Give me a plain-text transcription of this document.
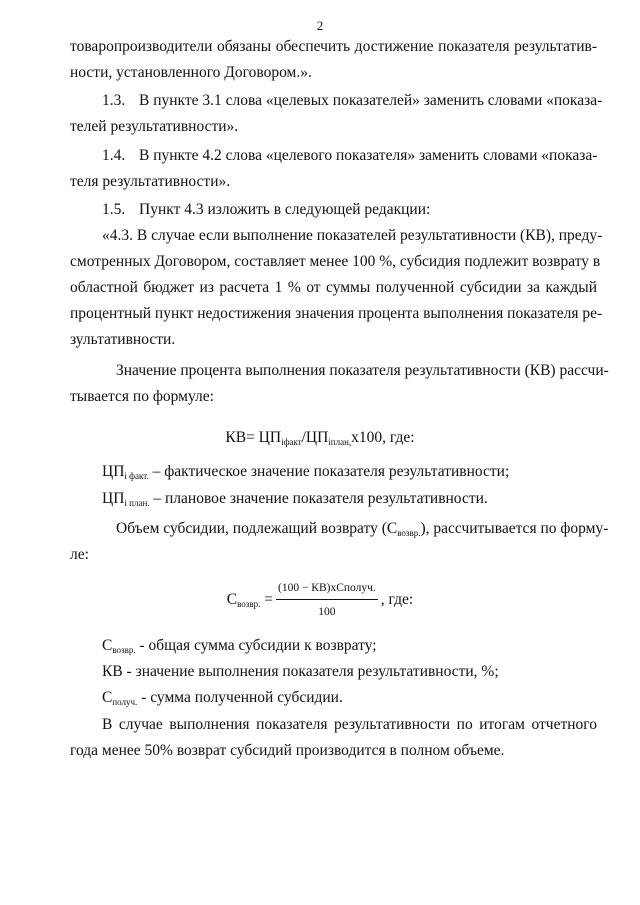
2
товаропроизводители обязаны обеспечить достижение показателя результатив-
ности, установленного Договором.».
1.3. В пункте 3.1 слова «целевых показателей» заменить словами «показа-
телей результативности».
1.4. В пункте 4.2 слова «целевого показателя» заменить словами «показа-
теля результативности».
1.5. Пункт 4.3 изложить в следующей редакции:
«4.3. В случае если выполнение показателей результативности (КВ), преду-
смотренных Договором, составляет менее 100 %, субсидия подлежит возврату в
областной бюджет из расчета 1 % от суммы полученной субсидии за каждый
процентный пункт недостижения значения процента выполнения показателя ре-
зультативности.
Значение процента выполнения показателя результативности (КВ) рассчи-
тывается по формуле:
$КВ= ЦП_{iфакт}/ЦП_{iплан,}х100$, где:
$ЦП_{i факт.}$ – фактическое значение показателя результативности;
$ЦП_{i план.}$ – плановое значение показателя результативности.
Объем субсидии, подлежащий возврату $(С_{возвр.})$, рассчитывается по форму-
ле:
$С_{возвр.} = \frac{\text{(100 − КВ)хСполуч.}}{100}$ , где:
$С_{возвр.}$ - общая сумма субсидии к возврату;
КВ - значение выполнения показателя результативности, %;
$С_{получ.}$ - сумма полученной субсидии.
В случае выполнения показателя результативности по итогам отчетного
года менее 50% возврат субсидий производится в полном объеме.
